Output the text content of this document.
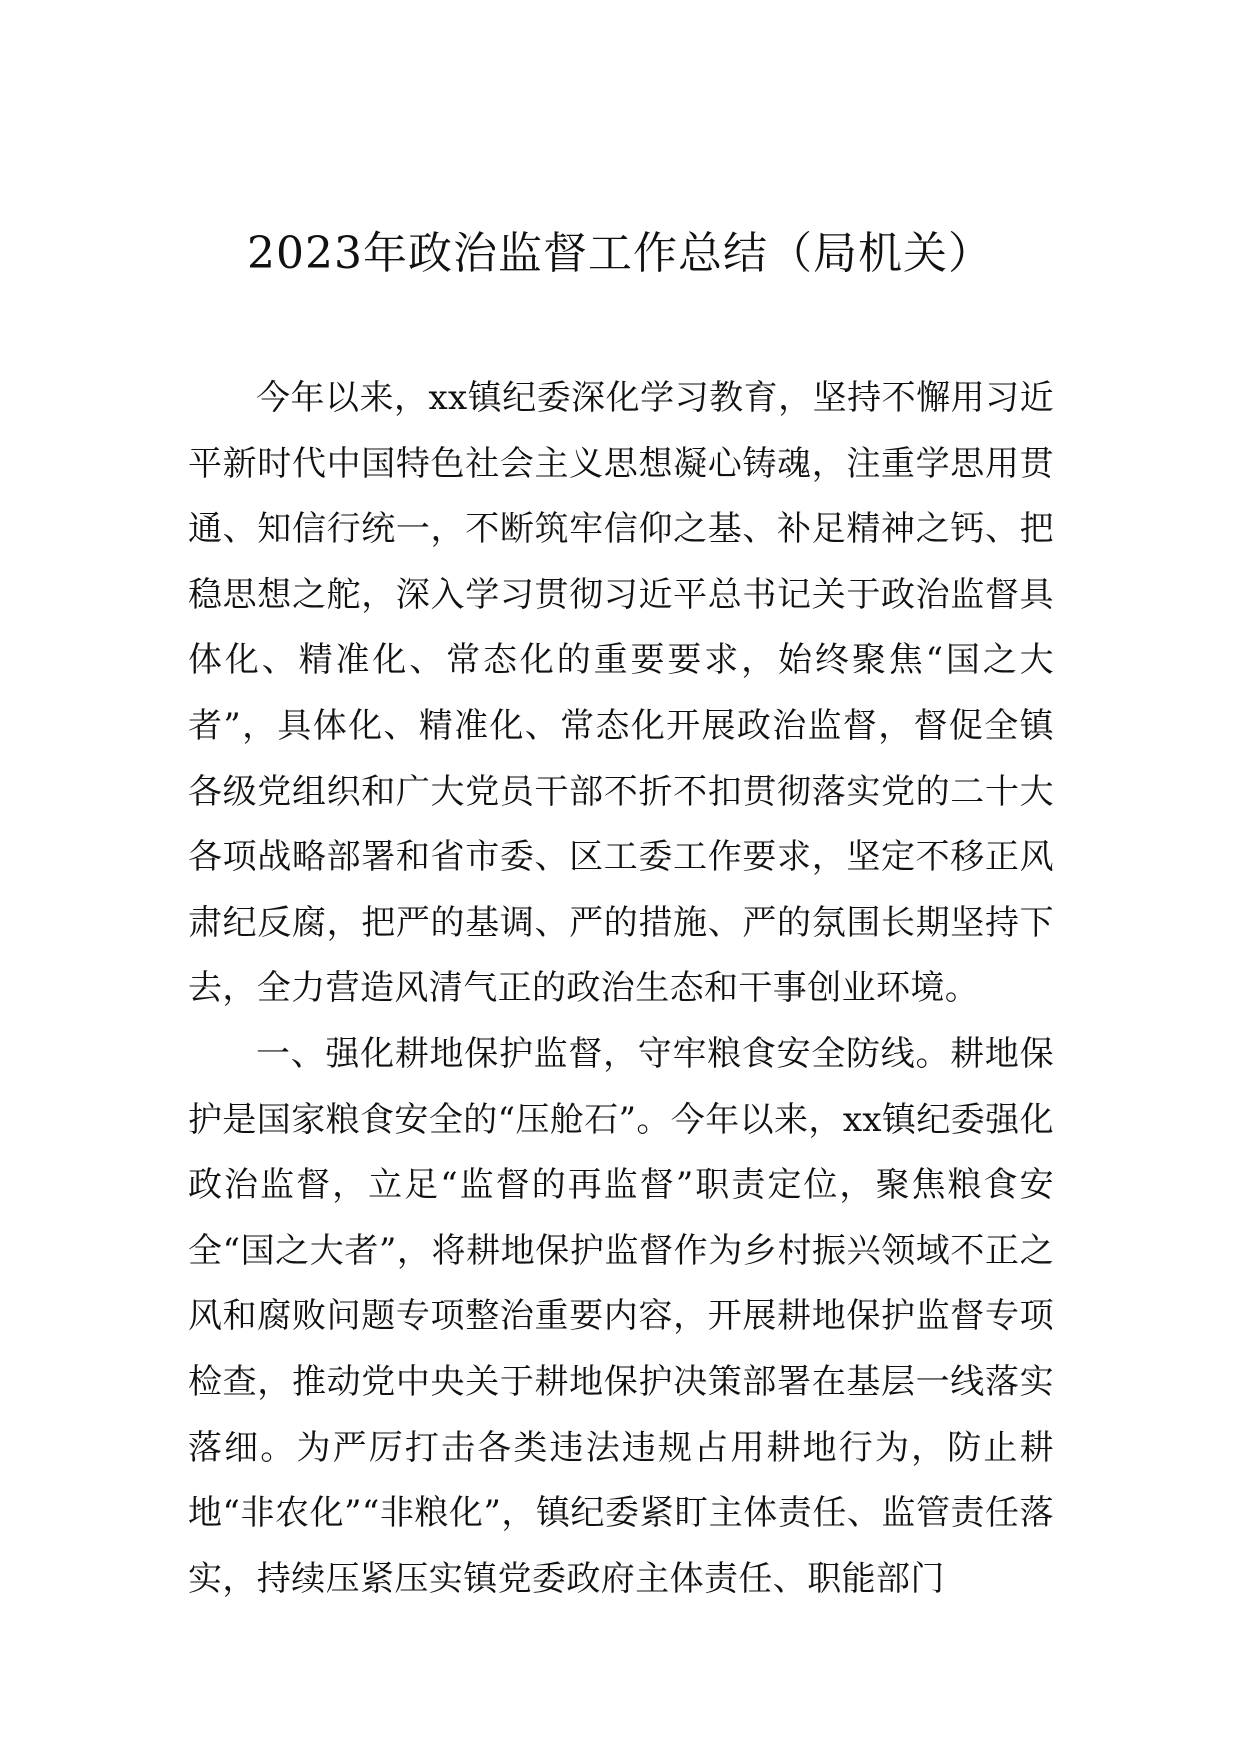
2023年政治监督工作总结（局机关）

今年以来，xx镇纪委深化学习教育，坚持不懈用习近平新时代中国特色社会主义思想凝心铸魂，注重学思用贯通、知信行统一，不断筑牢信仰之基、补足精神之钙、把稳思想之舵，深入学习贯彻习近平总书记关于政治监督具体化、精准化、常态化的重要要求，始终聚焦“国之大者”，具体化、精准化、常态化开展政治监督，督促全镇各级党组织和广大党员干部不折不扣贯彻落实党的二十大各项战略部署和省市委、区工委工作要求，坚定不移正风肃纪反腐，把严的基调、严的措施、严的氛围长期坚持下去，全力营造风清气正的政治生态和干事创业环境。

一、强化耕地保护监督，守牢粮食安全防线。耕地保护是国家粮食安全的“压舱石”。今年以来，xx镇纪委强化政治监督，立足“监督的再监督”职责定位，聚焦粮食安全“国之大者”，将耕地保护监督作为乡村振兴领域不正之风和腐败问题专项整治重要内容，开展耕地保护监督专项检查，推动党中央关于耕地保护决策部署在基层一线落实落细。为严厉打击各类违法违规占用耕地行为，防止耕地“非农化”“非粮化”，镇纪委紧盯主体责任、监管责任落实，持续压紧压实镇党委政府主体责任、职能部门
